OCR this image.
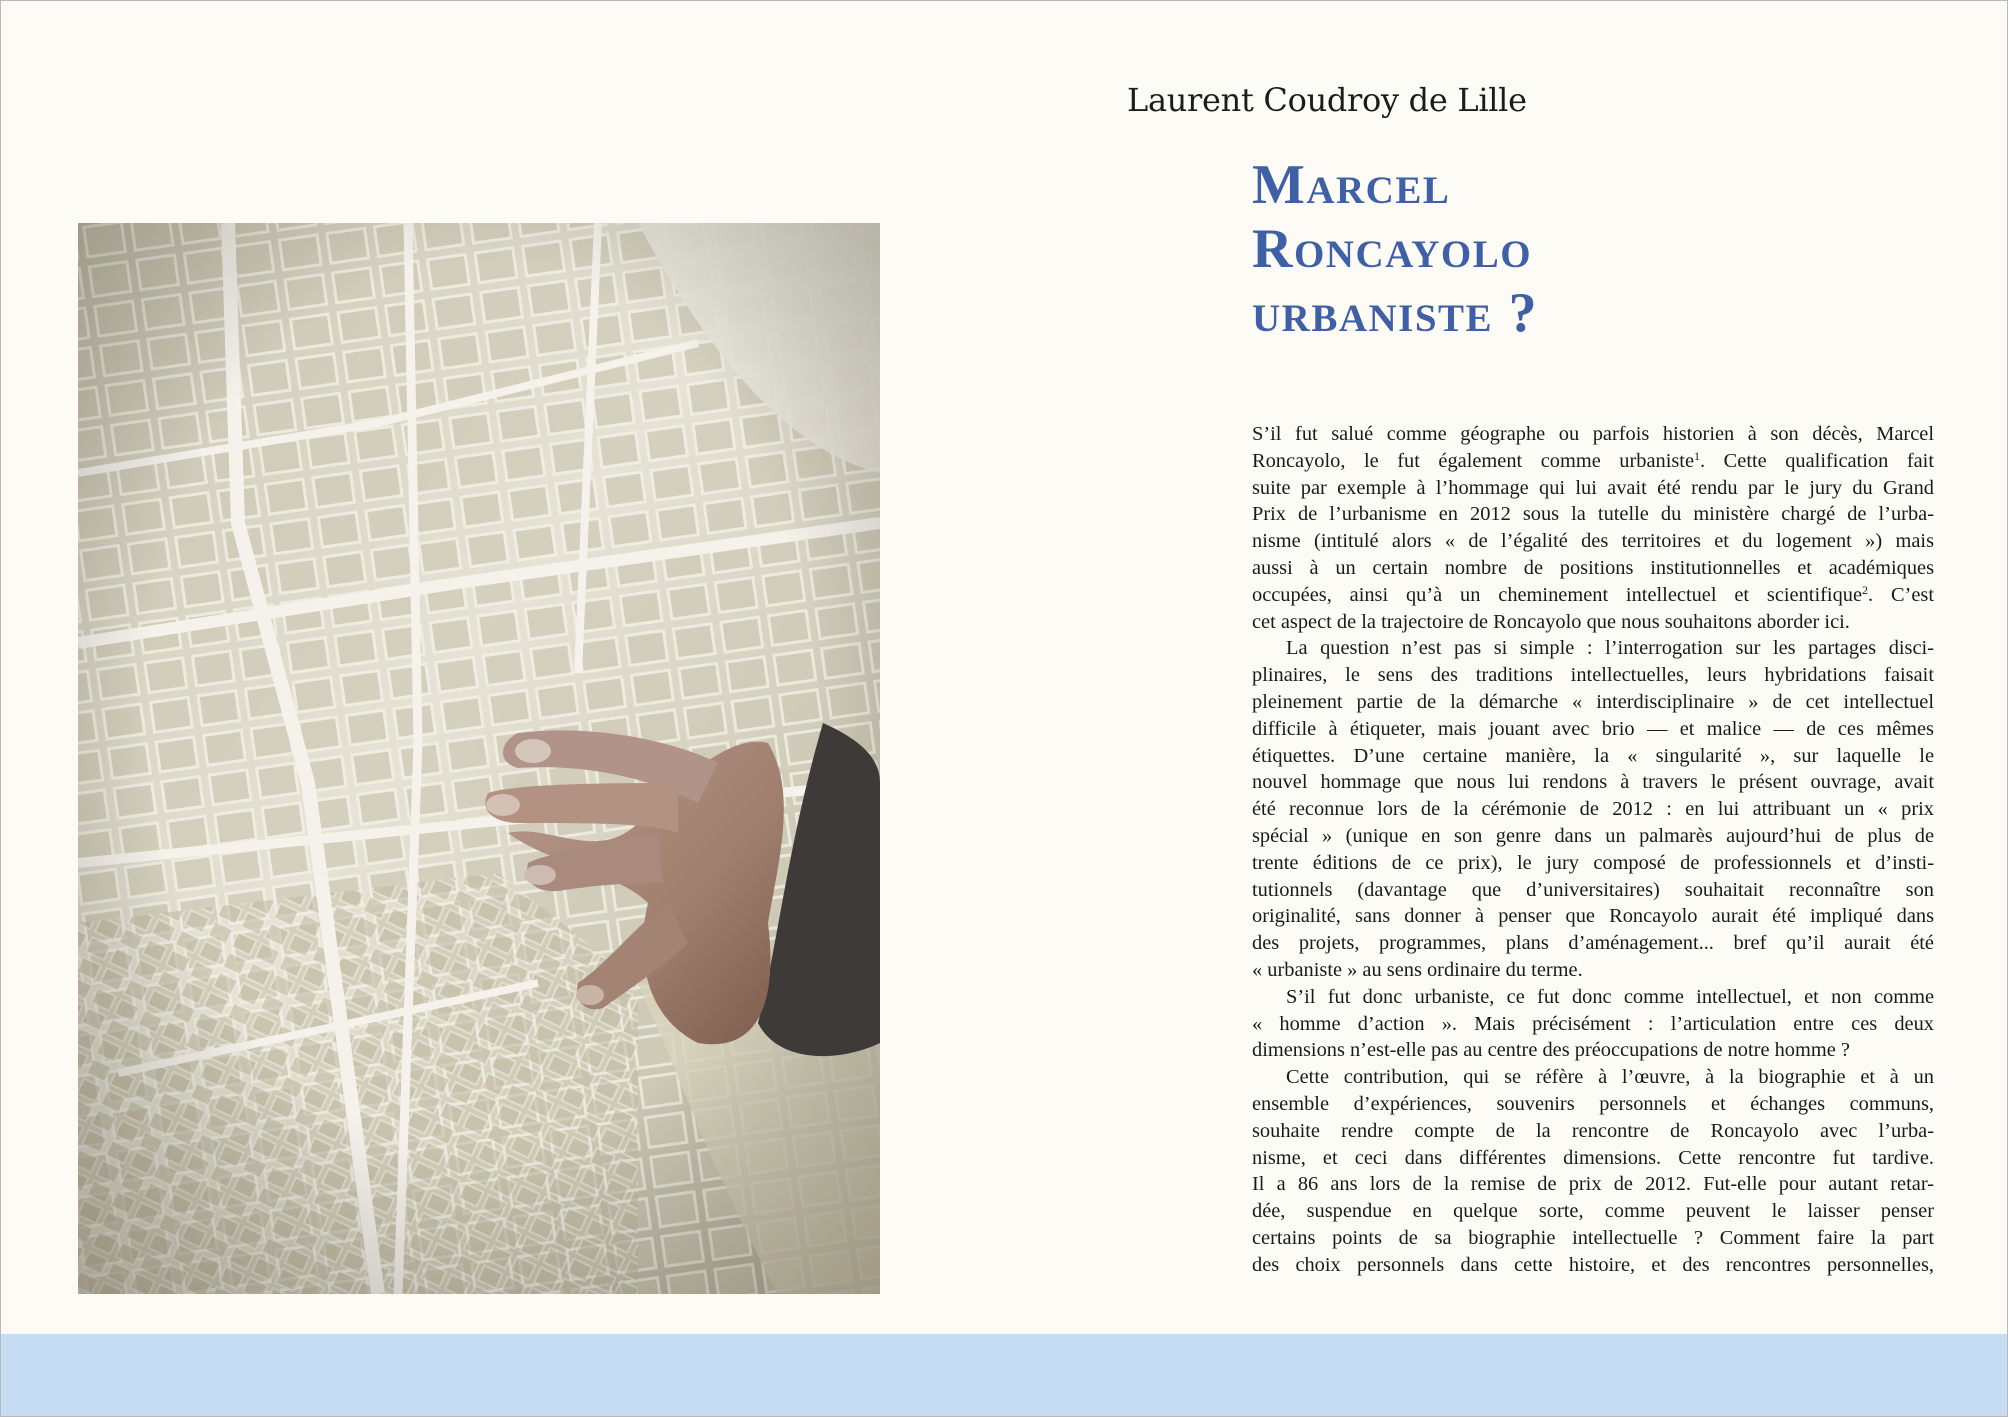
Laurent Coudroy de Lille
Marcel
Roncayolo
urbaniste ?
S’il fut salué comme géographe ou parfois historien à son décès, Marcel
Roncayolo, le fut également comme urbaniste$^1$. Cette qualification fait
suite par exemple à l’hommage qui lui avait été rendu par le jury du Grand
Prix de l’urbanisme en 2012 sous la tutelle du ministère chargé de l’urba-
nisme (intitulé alors « de l’égalité des territoires et du logement ») mais
aussi à un certain nombre de positions institutionnelles et académiques
occupées, ainsi qu’à un cheminement intellectuel et scientifique$^2$. C’est
cet aspect de la trajectoire de Roncayolo que nous souhaitons aborder ici.
La question n’est pas si simple : l’interrogation sur les partages disci-
plinaires, le sens des traditions intellectuelles, leurs hybridations faisait
pleinement partie de la démarche « interdisciplinaire » de cet intellectuel
difficile à étiqueter, mais jouant avec brio — et malice — de ces mêmes
étiquettes. D’une certaine manière, la « singularité », sur laquelle le
nouvel hommage que nous lui rendons à travers le présent ouvrage, avait
été reconnue lors de la cérémonie de 2012 : en lui attribuant un « prix
spécial » (unique en son genre dans un palmarès aujourd’hui de plus de
trente éditions de ce prix), le jury composé de professionnels et d’insti-
tutionnels (davantage que d’universitaires) souhaitait reconnaître son
originalité, sans donner à penser que Roncayolo aurait été impliqué dans
des projets, programmes, plans d’aménagement... bref qu’il aurait été
« urbaniste » au sens ordinaire du terme.
S’il fut donc urbaniste, ce fut donc comme intellectuel, et non comme
« homme d’action ». Mais précisément : l’articulation entre ces deux
dimensions n’est-elle pas au centre des préoccupations de notre homme ?
Cette contribution, qui se réfère à l’œuvre, à la biographie et à un
ensemble d’expériences, souvenirs personnels et échanges communs,
souhaite rendre compte de la rencontre de Roncayolo avec l’urba-
nisme, et ceci dans différentes dimensions. Cette rencontre fut tardive.
Il a 86 ans lors de la remise de prix de 2012. Fut-elle pour autant retar-
dée, suspendue en quelque sorte, comme peuvent le laisser penser
certains points de sa biographie intellectuelle ? Comment faire la part
des choix personnels dans cette histoire, et des rencontres personnelles,
